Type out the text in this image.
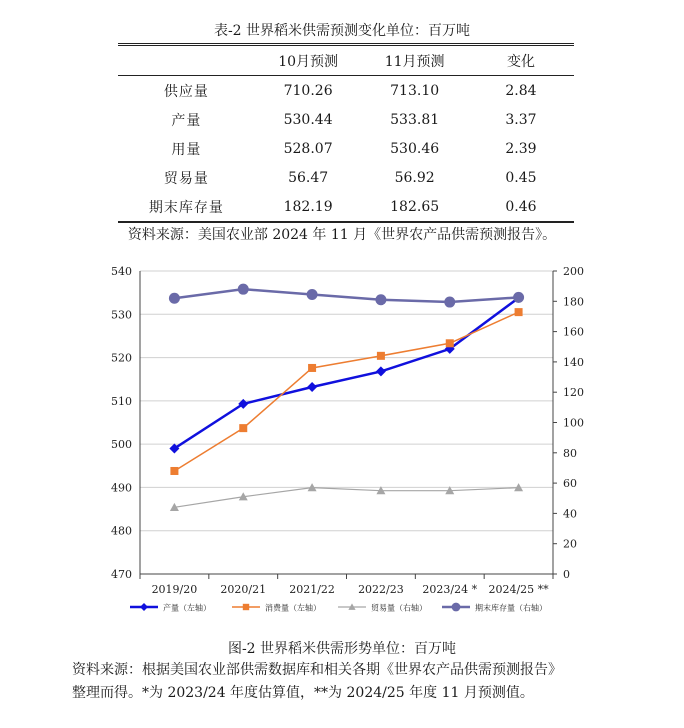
表-2 世界稻米供需预测变化单位：百万吨
	10月预测	11月预测	变化
供应量	710.26	713.10	2.84
产量	530.44	533.81	3.37
用量	528.07	530.46	2.39
贸易量	56.47	56.92	0.45
期末库存量	182.19	182.65	0.46
资料来源：美国农业部 2024 年 11 月《世界农产品供需预测报告》。
470
480
490
500
510
520
530
540
0
20
40
60
80
100
120
140
160
180
200
2019/20 2020/21 2021/22 2022/23 2023/24 * 2024/25 **
产量（左轴）	消费量（左轴）	贸易量（右轴）	期末库存量（右轴）
图-2 世界稻米供需形势单位：百万吨
资料来源：根据美国农业部供需数据库和相关各期《世界农产品供需预测报告》
整理而得。*为 2023/24 年度估算值，**为 2024/25 年度 11 月预测值。
